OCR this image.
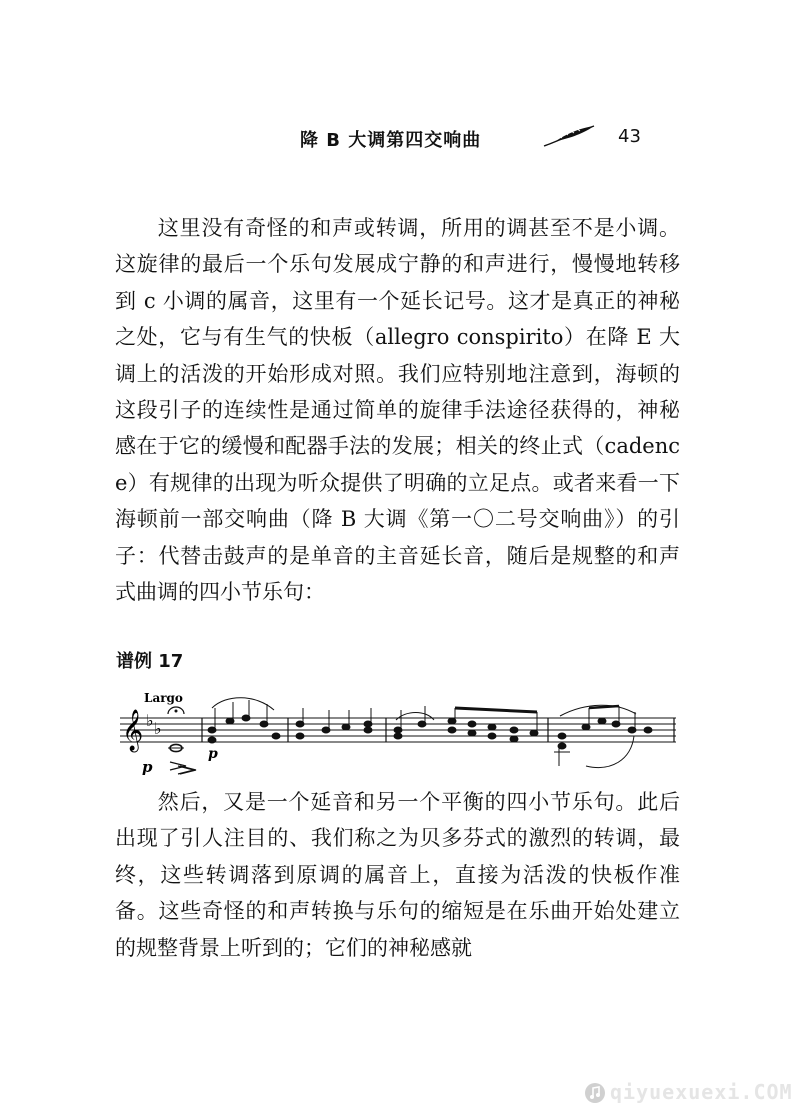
降 B 大调第四交响曲	43
这里没有奇怪的和声或转调，所用的调甚至不是小调。这旋律的最后一个乐句发展成宁静的和声进行，慢慢地转移到 c 小调的属音，这里有一个延长记号。这才是真正的神秘之处，它与有生气的快板（allegro conspirito）在降 E 大调上的活泼的开始形成对照。我们应特别地注意到，海顿的这段引子的连续性是通过简单的旋律手法途径获得的，神秘感在于它的缓慢和配器手法的发展；相关的终止式（cadence）有规律的出现为听众提供了明确的立足点。或者来看一下海顿前一部交响曲（降 B 大调《第一〇二号交响曲》）的引子：代替击鼓声的是单音的主音延长音，随后是规整的和声式曲调的四小节乐句：
谱例 17
Largo
𝄞 ♭ ♭
p
p
然后，又是一个延音和另一个平衡的四小节乐句。此后出现了引人注目的、我们称之为贝多芬式的激烈的转调，最终，这些转调落到原调的属音上，直接为活泼的快板作准备。这些奇怪的和声转换与乐句的缩短是在乐曲开始处建立的规整背景上听到的；它们的神秘感就
qiyuexuexi.COM
